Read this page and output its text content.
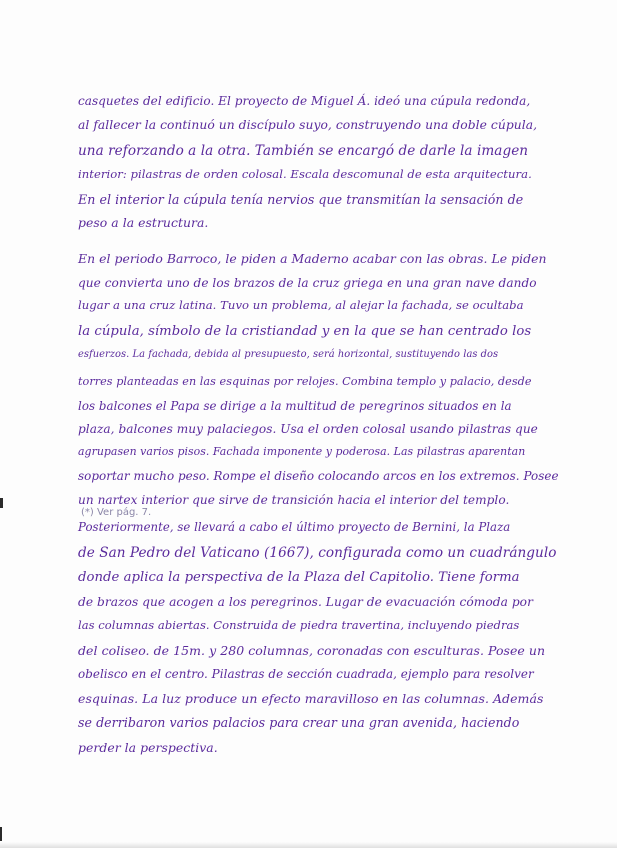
casquetes del edificio. El proyecto de Miguel Á. ideó una cúpula redonda,
al fallecer la continuó un discípulo suyo, construyendo una doble cúpula,
una reforzando a la otra. También se encargó de darle la imagen
interior: pilastras de orden colosal. Escala descomunal de esta arquitectura.
En el interior la cúpula tenía nervios que transmitían la sensación de
peso a la estructura.
En el periodo Barroco, le piden a Maderno acabar con las obras. Le piden
que convierta uno de los brazos de la cruz griega en una gran nave dando
lugar a una cruz latina. Tuvo un problema, al alejar la fachada, se ocultaba
la cúpula, símbolo de la cristiandad y en la que se han centrado los
esfuerzos. La fachada, debida al presupuesto, será horizontal, sustituyendo las dos
torres planteadas en las esquinas por relojes. Combina templo y palacio, desde
los balcones el Papa se dirige a la multitud de peregrinos situados en la
plaza, balcones muy palaciegos. Usa el orden colosal usando pilastras que
agrupasen varios pisos. Fachada imponente y poderosa. Las pilastras aparentan
soportar mucho peso. Rompe el diseño colocando arcos en los extremos. Posee
un nartex interior que sirve de transición hacia el interior del templo.
(*) Ver pág. 7.
Posteriormente, se llevará a cabo el último proyecto de Bernini, la Plaza
de San Pedro del Vaticano (1667), configurada como un cuadrángulo
donde aplica la perspectiva de la Plaza del Capitolio. Tiene forma
de brazos que acogen a los peregrinos. Lugar de evacuación cómoda por
las columnas abiertas. Construida de piedra travertina, incluyendo piedras
del coliseo. de 15m. y 280 columnas, coronadas con esculturas. Posee un
obelisco en el centro. Pilastras de sección cuadrada, ejemplo para resolver
esquinas. La luz produce un efecto maravilloso en las columnas. Además
se derribaron varios palacios para crear una gran avenida, haciendo
perder la perspectiva.
